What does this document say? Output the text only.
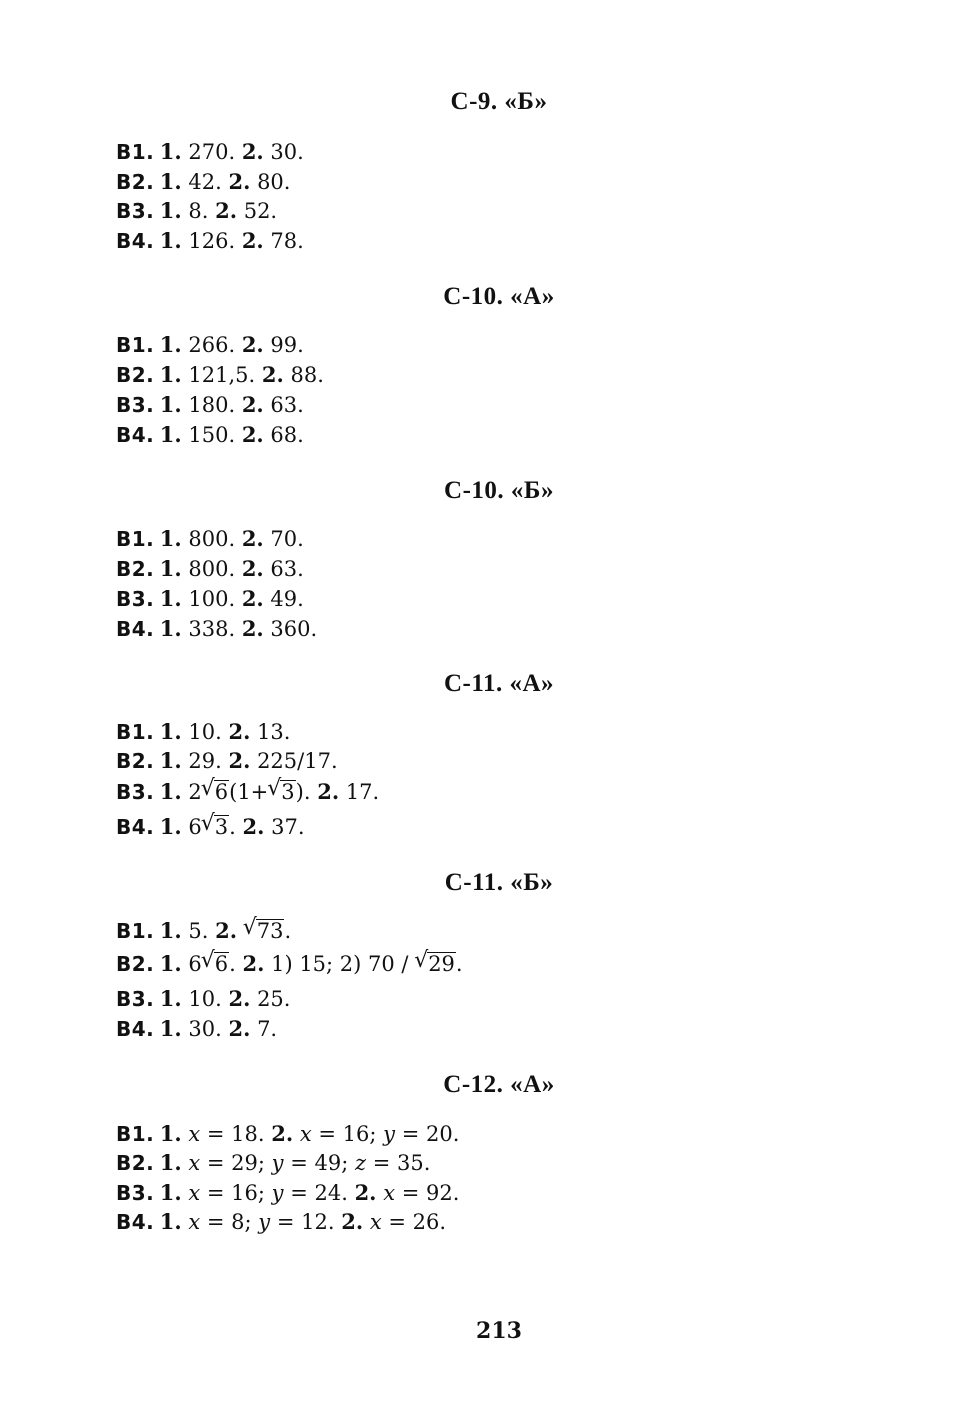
С-9. «Б»
В1. 1. 270. 2. 30.
В2. 1. 42. 2. 80.
В3. 1. 8. 2. 52.
В4. 1. 126. 2. 78.
С-10. «А»
В1. 1. 266. 2. 99.
В2. 1. 121,5. 2. 88.
В3. 1. 180. 2. 63.
В4. 1. 150. 2. 68.
С-10. «Б»
В1. 1. 800. 2. 70.
В2. 1. 800. 2. 63.
В3. 1. 100. 2. 49.
В4. 1. 338. 2. 360.
С-11. «А»
В1. 1. 10. 2. 13.
В2. 1. 29. 2. 225/17.
В3. 1. 2 √ 6(1+ √ 3). 2. 17.
В4. 1. 6 √ 3. 2. 37.
С-11. «Б»
В1. 1. 5. 2. √ 73.
В2. 1. 6 √ 6. 2. 1) 15; 2) 70 / √ 29.
В3. 1. 10. 2. 25.
В4. 1. 30. 2. 7.
С-12. «А»
В1. 1. x = 18. 2. x = 16; y = 20.
В2. 1. x = 29; y = 49; z = 35.
В3. 1. x = 16; y = 24. 2. x = 92.
В4. 1. x = 8; y = 12. 2. x = 26.
213
